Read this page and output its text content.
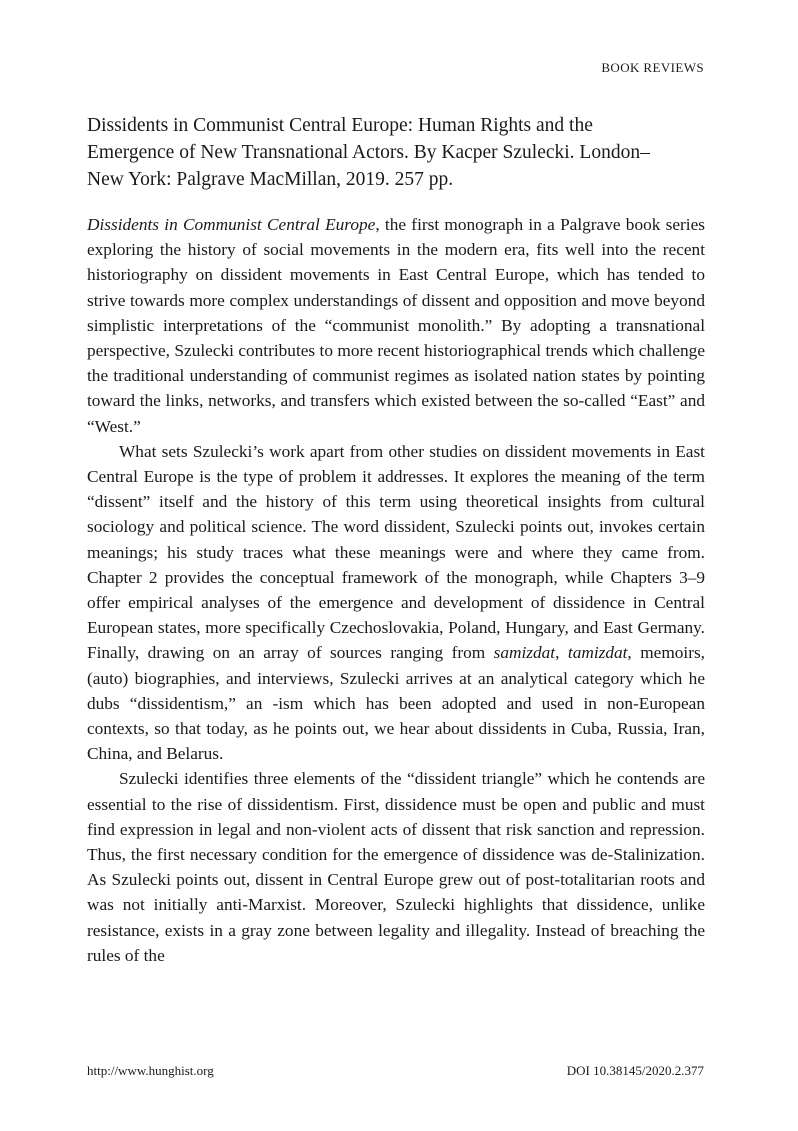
BOOK REVIEWS
Dissidents in Communist Central Europe: Human Rights and the Emergence of New Transnational Actors. By Kacper Szulecki. London–New York: Palgrave MacMillan, 2019. 257 pp.

Dissidents in Communist Central Europe, the first monograph in a Palgrave book series exploring the history of social movements in the modern era, fits well into the recent historiography on dissident movements in East Central Europe, which has tended to strive towards more complex understandings of dissent and opposition and move beyond simplistic interpretations of the “communist monolith.” By adopting a transnational perspective, Szulecki contributes to more recent historiographical trends which challenge the traditional understanding of communist regimes as isolated nation states by pointing toward the links, networks, and transfers which existed between the so-called “East” and “West.”

What sets Szulecki’s work apart from other studies on dissident movements in East Central Europe is the type of problem it addresses. It explores the meaning of the term “dissent” itself and the history of this term using theoretical insights from cultural sociology and political science. The word dissident, Szulecki points out, invokes certain meanings; his study traces what these meanings were and where they came from. Chapter 2 provides the conceptual framework of the monograph, while Chapters 3–9 offer empirical analyses of the emergence and development of dissidence in Central European states, more specifically Czechoslovakia, Poland, Hungary, and East Germany. Finally, drawing on an array of sources ranging from samizdat, tamizdat, memoirs, (auto) biographies, and interviews, Szulecki arrives at an analytical category which he dubs “dissidentism,” an -ism which has been adopted and used in non-European contexts, so that today, as he points out, we hear about dissidents in Cuba, Russia, Iran, China, and Belarus.

Szulecki identifies three elements of the “dissident triangle” which he contends are essential to the rise of dissidentism. First, dissidence must be open and public and must find expression in legal and non-violent acts of dissent that risk sanction and repression. Thus, the first necessary condition for the emergence of dissidence was de-Stalinization. As Szulecki points out, dissent in Central Europe grew out of post-totalitarian roots and was not initially anti-Marxist. Moreover, Szulecki highlights that dissidence, unlike resistance, exists in a gray zone between legality and illegality. Instead of breaching the rules of the

http://www.hunghist.org	DOI 10.38145/2020.2.377
